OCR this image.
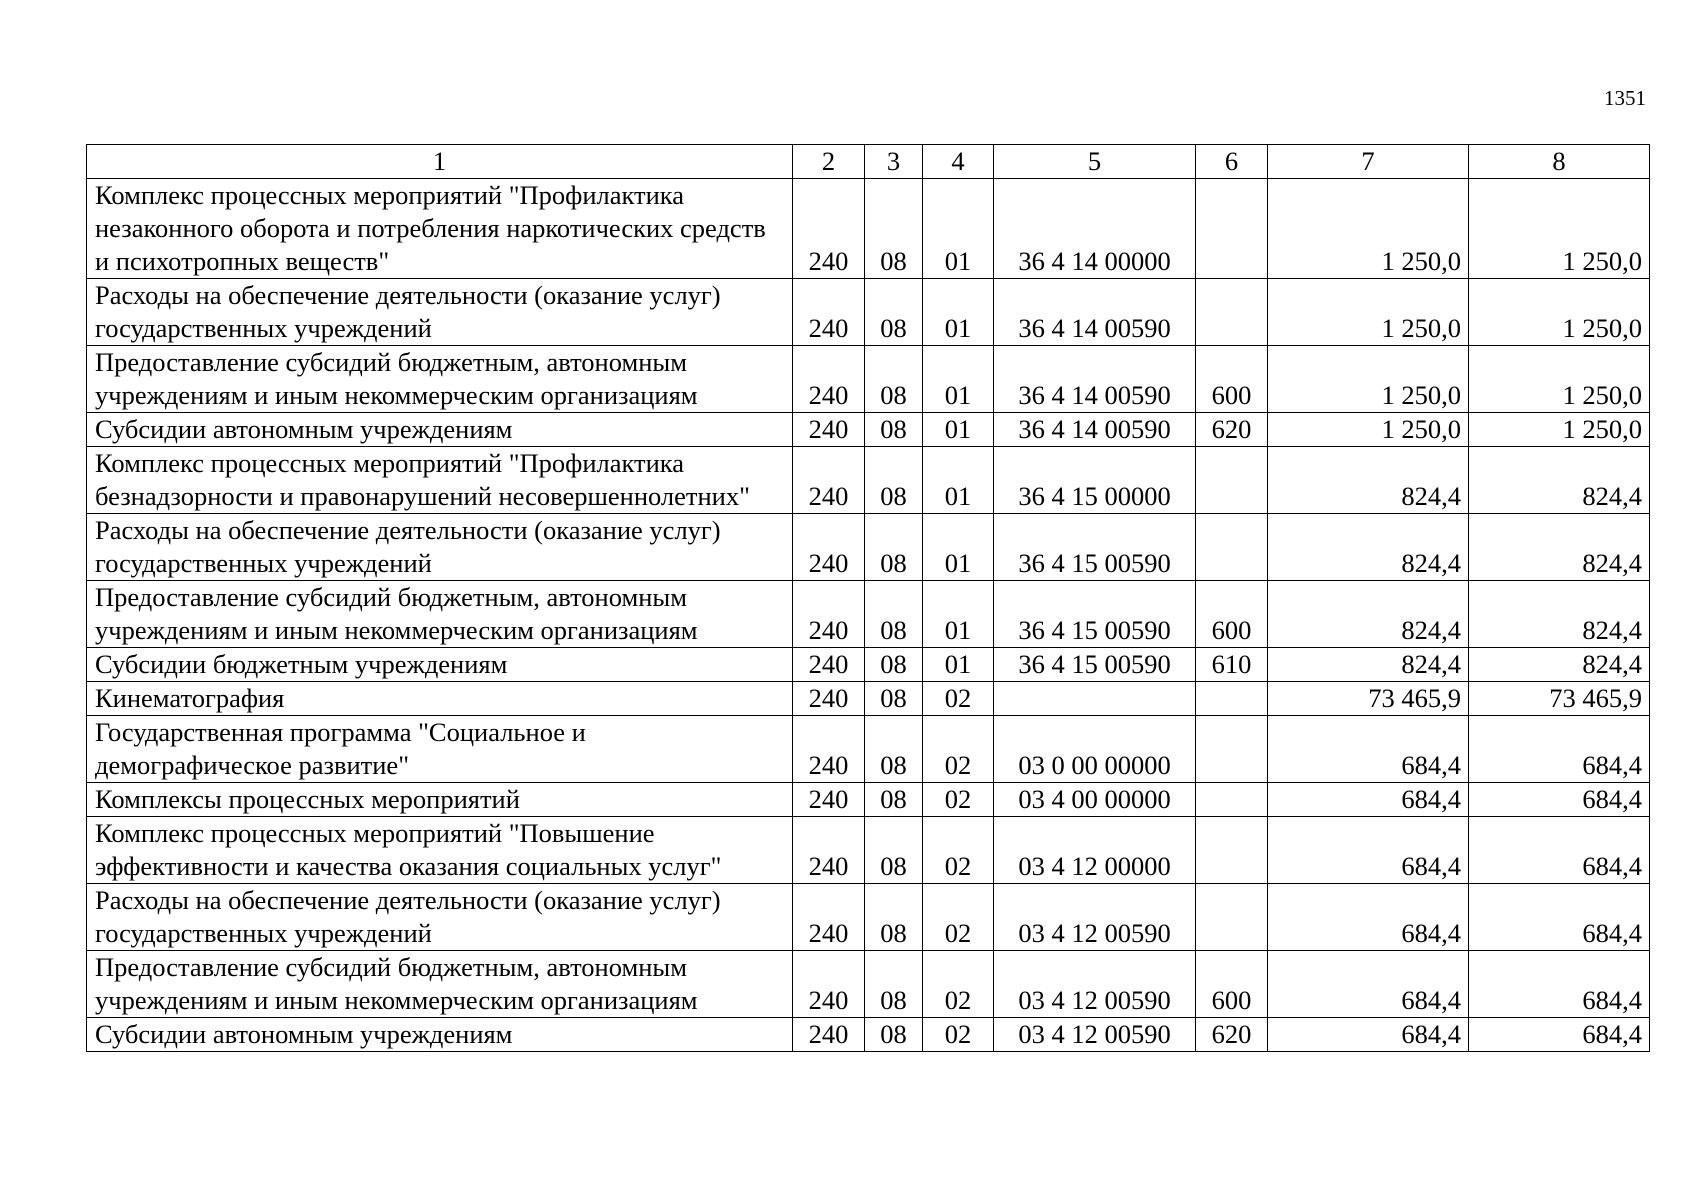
1351
1	2	3	4	5	6	7	8
Комплекс процессных мероприятий "Профилактика незаконного оборота и потребления наркотических средств и психотропных веществ"	240	08	01	36 4 14 00000		1 250,0	1 250,0
Расходы на обеспечение деятельности (оказание услуг) государственных учреждений	240	08	01	36 4 14 00590		1 250,0	1 250,0
Предоставление субсидий бюджетным, автономным учреждениям и иным некоммерческим организациям	240	08	01	36 4 14 00590	600	1 250,0	1 250,0
Субсидии автономным учреждениям	240	08	01	36 4 14 00590	620	1 250,0	1 250,0
Комплекс процессных мероприятий "Профилактика безнадзорности и правонарушений несовершеннолетних"	240	08	01	36 4 15 00000		824,4	824,4
Расходы на обеспечение деятельности (оказание услуг) государственных учреждений	240	08	01	36 4 15 00590		824,4	824,4
Предоставление субсидий бюджетным, автономным учреждениям и иным некоммерческим организациям	240	08	01	36 4 15 00590	600	824,4	824,4
Субсидии бюджетным учреждениям	240	08	01	36 4 15 00590	610	824,4	824,4
Кинематография	240	08	02			73 465,9	73 465,9
Государственная программа "Социальное и демографическое развитие"	240	08	02	03 0 00 00000		684,4	684,4
Комплексы процессных мероприятий	240	08	02	03 4 00 00000		684,4	684,4
Комплекс процессных мероприятий "Повышение эффективности и качества оказания социальных услуг"	240	08	02	03 4 12 00000		684,4	684,4
Расходы на обеспечение деятельности (оказание услуг) государственных учреждений	240	08	02	03 4 12 00590		684,4	684,4
Предоставление субсидий бюджетным, автономным учреждениям и иным некоммерческим организациям	240	08	02	03 4 12 00590	600	684,4	684,4
Субсидии автономным учреждениям	240	08	02	03 4 12 00590	620	684,4	684,4
